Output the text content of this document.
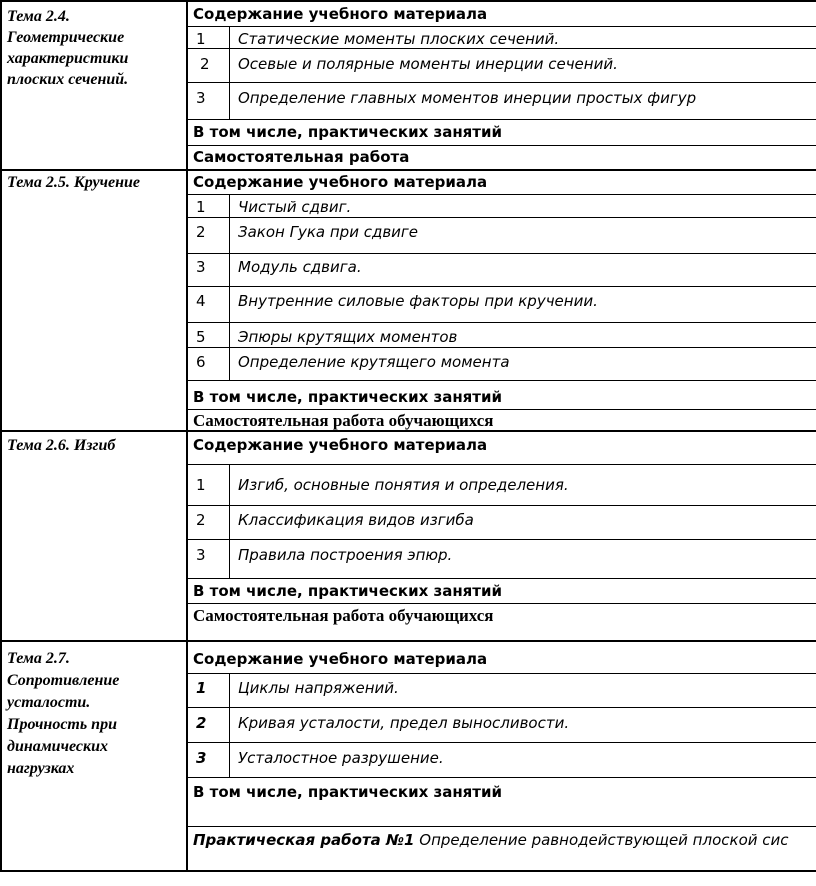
Тема 2.4. Геометрические характеристики плоских сечений.
Содержание учебного материала
1 Статические моменты плоских сечений.
2 Осевые и полярные моменты инерции сечений.
3 Определение главных моментов инерции простых фигур
В том числе, практических занятий
Самостоятельная работа
Тема 2.5. Кручение	Содержание учебного материала
1 Чистый сдвиг.
2 Закон Гука при сдвиге
3 Модуль сдвига.
4 Внутренние силовые факторы при кручении.
5 Эпюры крутящих моментов
6 Определение крутящего момента
В том числе, практических занятий
Самостоятельная работа обучающихся
Тема 2.6. Изгиб	Содержание учебного материала
1 Изгиб, основные понятия и определения.
2 Классификация видов изгиба
3 Правила построения эпюр.
В том числе, практических занятий
Самостоятельная работа обучающихся
Тема 2.7. Сопротивление усталости. Прочность при динамических нагрузках
Содержание учебного материала
1 Циклы напряжений.
2 Кривая усталости, предел выносливости.
3 Усталостное разрушение.
В том числе, практических занятий
Практическая работа №1 Определение равнодействующей плоской сис
